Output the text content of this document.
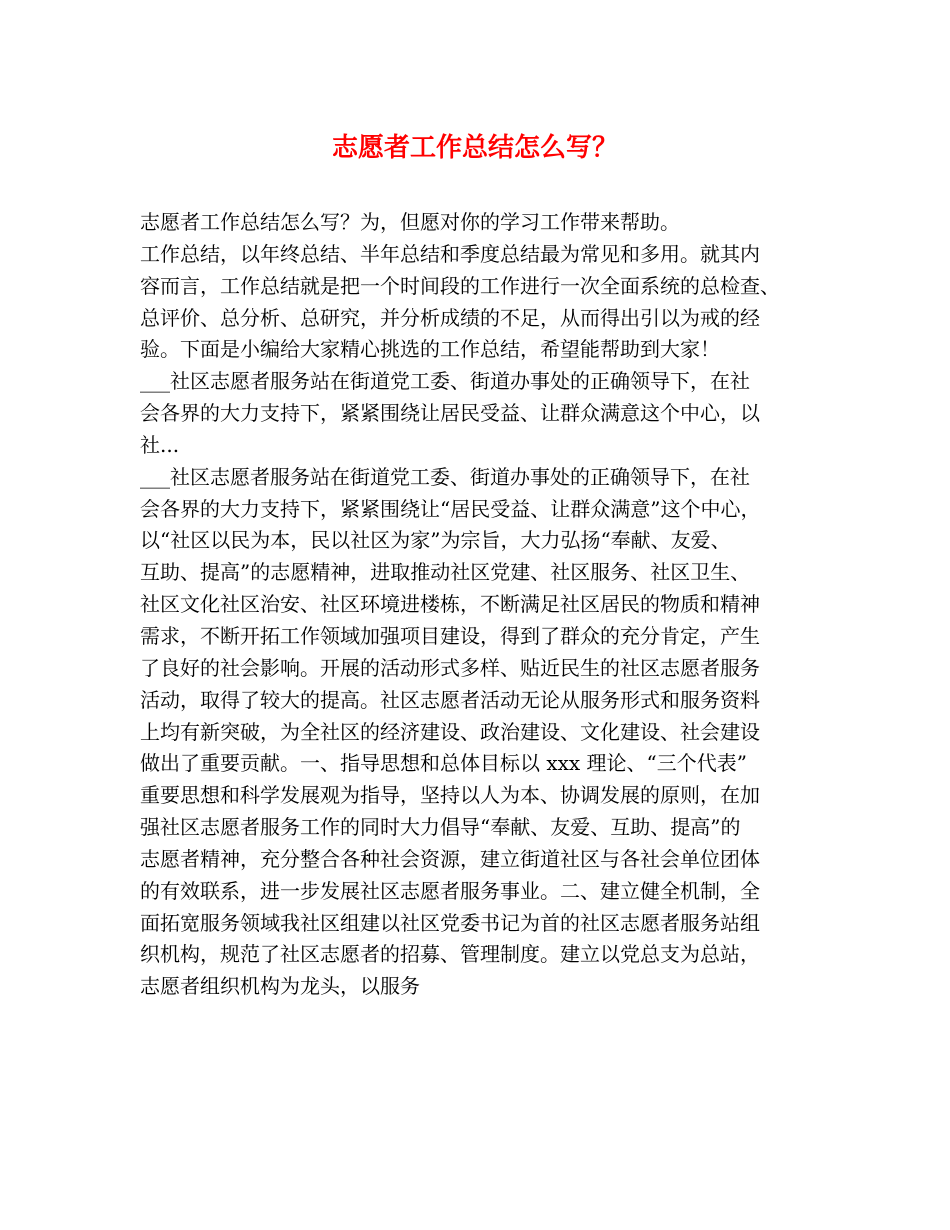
志愿者工作总结怎么写？
志愿者工作总结怎么写？为，但愿对你的学习工作带来帮助。
工作总结，以年终总结、半年总结和季度总结最为常见和多用。就其内
容而言，工作总结就是把一个时间段的工作进行一次全面系统的总检查、
总评价、总分析、总研究，并分析成绩的不足，从而得出引以为戒的经
验。下面是小编给大家精心挑选的工作总结，希望能帮助到大家！
___社区志愿者服务站在街道党工委、街道办事处的正确领导下，在社
会各界的大力支持下，紧紧围绕让居民受益、让群众满意这个中心，以
社...
___社区志愿者服务站在街道党工委、街道办事处的正确领导下，在社
会各界的大力支持下，紧紧围绕让“居民受益、让群众满意”这个中心，
以“社区以民为本，民以社区为家”为宗旨，大力弘扬“奉献、友爱、
互助、提高”的志愿精神，进取推动社区党建、社区服务、社区卫生、
社区文化社区治安、社区环境进楼栋，不断满足社区居民的物质和精神
需求，不断开拓工作领域加强项目建设，得到了群众的充分肯定，产生
了良好的社会影响。开展的活动形式多样、贴近民生的社区志愿者服务
活动，取得了较大的提高。社区志愿者活动无论从服务形式和服务资料
上均有新突破，为全社区的经济建设、政治建设、文化建设、社会建设
做出了重要贡献。一、指导思想和总体目标以 xxx 理论、“三个代表”
重要思想和科学发展观为指导，坚持以人为本、协调发展的原则，在加
强社区志愿者服务工作的同时大力倡导“奉献、友爱、互助、提高”的
志愿者精神，充分整合各种社会资源，建立街道社区与各社会单位团体
的有效联系，进一步发展社区志愿者服务事业。二、建立健全机制，全
面拓宽服务领域我社区组建以社区党委书记为首的社区志愿者服务站组
织机构，规范了社区志愿者的招募、管理制度。建立以党总支为总站，
志愿者组织机构为龙头，以服务
